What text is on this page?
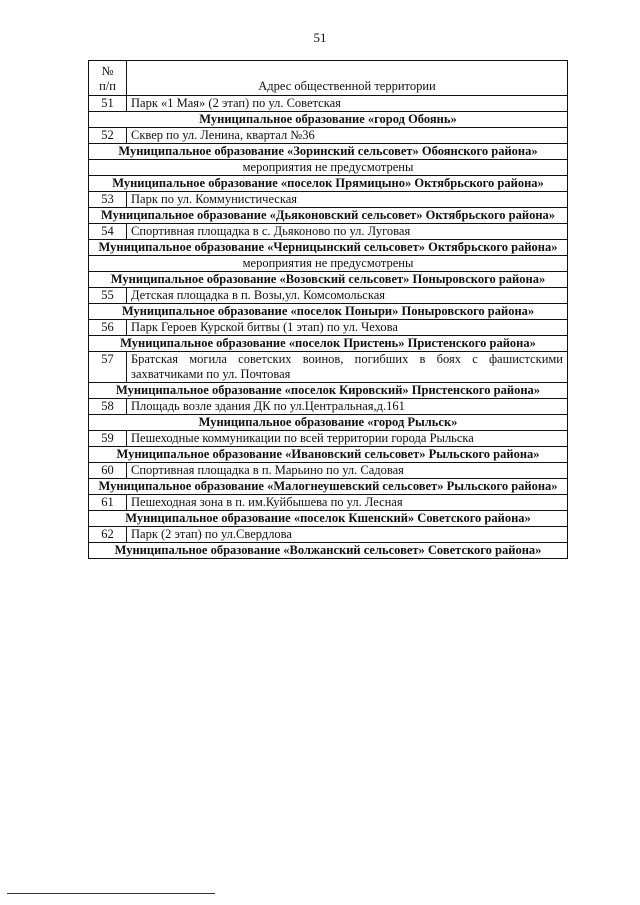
51
№
п/п	Адрес общественной территории
51	Парк «1 Мая» (2 этап) по ул. Советская
Муниципальное образование «город Обоянь»	
52	Сквер по ул. Ленина, квартал №36
Муниципальное образование «Зоринский сельсовет» Обоянского района»	
мероприятия не предусмотрены	
Муниципальное образование «поселок Прямицыно» Октябрьского района»	
53	Парк по ул. Коммунистическая
Муниципальное образование «Дьяконовский сельсовет» Октябрьского района»	
54	Спортивная площадка в с. Дьяконово по ул. Луговая
Муниципальное образование «Черницынский сельсовет» Октябрьского района»	
мероприятия не предусмотрены	
Муниципальное образование «Возовский сельсовет» Поныровского района»	
55	Детская площадка в п. Возы,ул. Комсомольская
Муниципальное образование «поселок Поныри» Поныровского района»	
56	Парк Героев Курской битвы (1 этап) по ул. Чехова
Муниципальное образование «поселок Пристень» Пристенского района»	
57	Братская могила советских воинов, погибших в боях с фашистскими захватчиками по ул. Почтовая
Муниципальное образование «поселок Кировский» Пристенского района»	
58	Площадь возле здания ДК по ул.Центральная,д.161
Муниципальное образование «город Рыльск»	
59	Пешеходные коммуникации по всей территории города Рыльска
Муниципальное образование «Ивановский сельсовет» Рыльского района»	
60	Спортивная площадка в п. Марьино по ул. Садовая
Муниципальное образование «Малогнеушевский сельсовет» Рыльского района»	
61	Пешеходная зона в п. им.Куйбышева по ул. Лесная
Муниципальное образование «поселок Кшенский» Советского района»	
62	Парк (2 этап) по ул.Свердлова
Муниципальное образование «Волжанский сельсовет» Советского района»	
